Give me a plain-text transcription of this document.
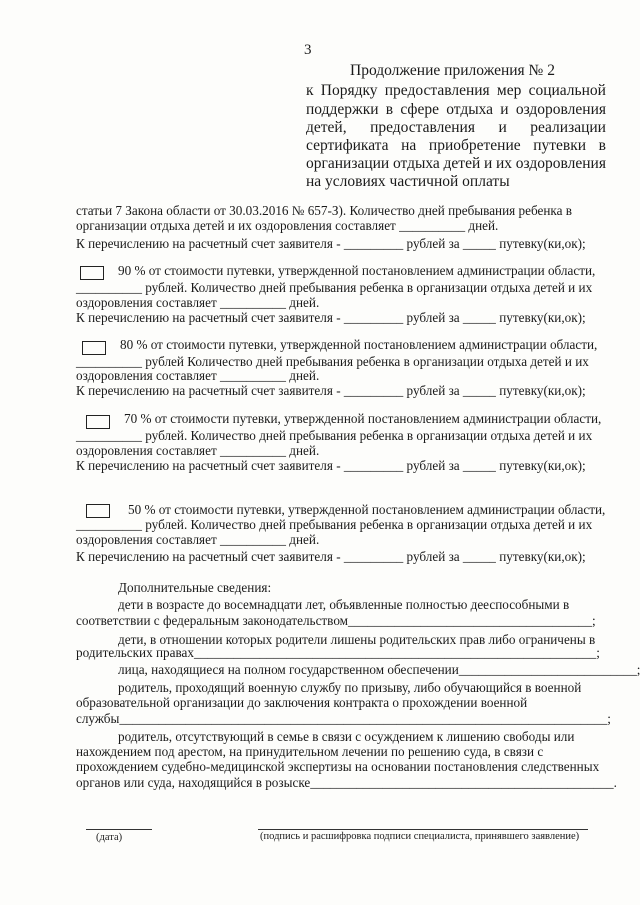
3
Продолжение приложения № 2
к Порядку предоставления мер социальной
поддержки в сфере отдыха и оздоровления
детей, предоставления и реализации
сертификата на приобретение путевки в
организации отдыха детей и их оздоровления
на условиях частичной оплаты
статьи 7 Закона области от 30.03.2016 № 657-З). Количество дней пребывания ребенка в
организации отдыха детей и их оздоровления составляет __________ дней.
К перечислению на расчетный счет заявителя - _________ рублей за _____ путевку(ки,ок);
90 % от стоимости путевки, утвержденной постановлением администрации области,
__________ рублей. Количество дней пребывания ребенка в организации отдыха детей и их
оздоровления составляет __________ дней.
К перечислению на расчетный счет заявителя - _________ рублей за _____ путевку(ки,ок);
80 % от стоимости путевки, утвержденной постановлением администрации области,
__________ рублей Количество дней пребывания ребенка в организации отдыха детей и их
оздоровления составляет __________ дней.
К перечислению на расчетный счет заявителя - _________ рублей за _____ путевку(ки,ок);
70 % от стоимости путевки, утвержденной постановлением администрации области,
__________ рублей. Количество дней пребывания ребенка в организации отдыха детей и их
оздоровления составляет __________ дней.
К перечислению на расчетный счет заявителя - _________ рублей за _____ путевку(ки,ок);
50 % от стоимости путевки, утвержденной постановлением администрации области,
__________ рублей. Количество дней пребывания ребенка в организации отдыха детей и их
оздоровления составляет __________ дней.
К перечислению на расчетный счет заявителя - _________ рублей за _____ путевку(ки,ок);
Дополнительные сведения:
дети в возрасте до восемнадцати лет, объявленные полностью дееспособными в
соответствии с федеральным законодательством_____________________________________;
дети, в отношении которых родители лишены родительских прав либо ограничены в
родительских правах_____________________________________________________________;
лица, находящиеся на полном государственном обеспечении___________________________;
родитель, проходящий военную службу по призыву, либо обучающийся в военной
образовательной организации до заключения контракта о прохождении военной
службы__________________________________________________________________________;
родитель, отсутствующий в семье в связи с осуждением к лишению свободы или
нахождением под арестом, на принудительном лечении по решению суда, в связи с
прохождением судебно-медицинской экспертизы на основании постановления следственных
органов или суда, находящийся в розыске______________________________________________.
(дата)	(подпись и расшифровка подписи специалиста, принявшего заявление)
